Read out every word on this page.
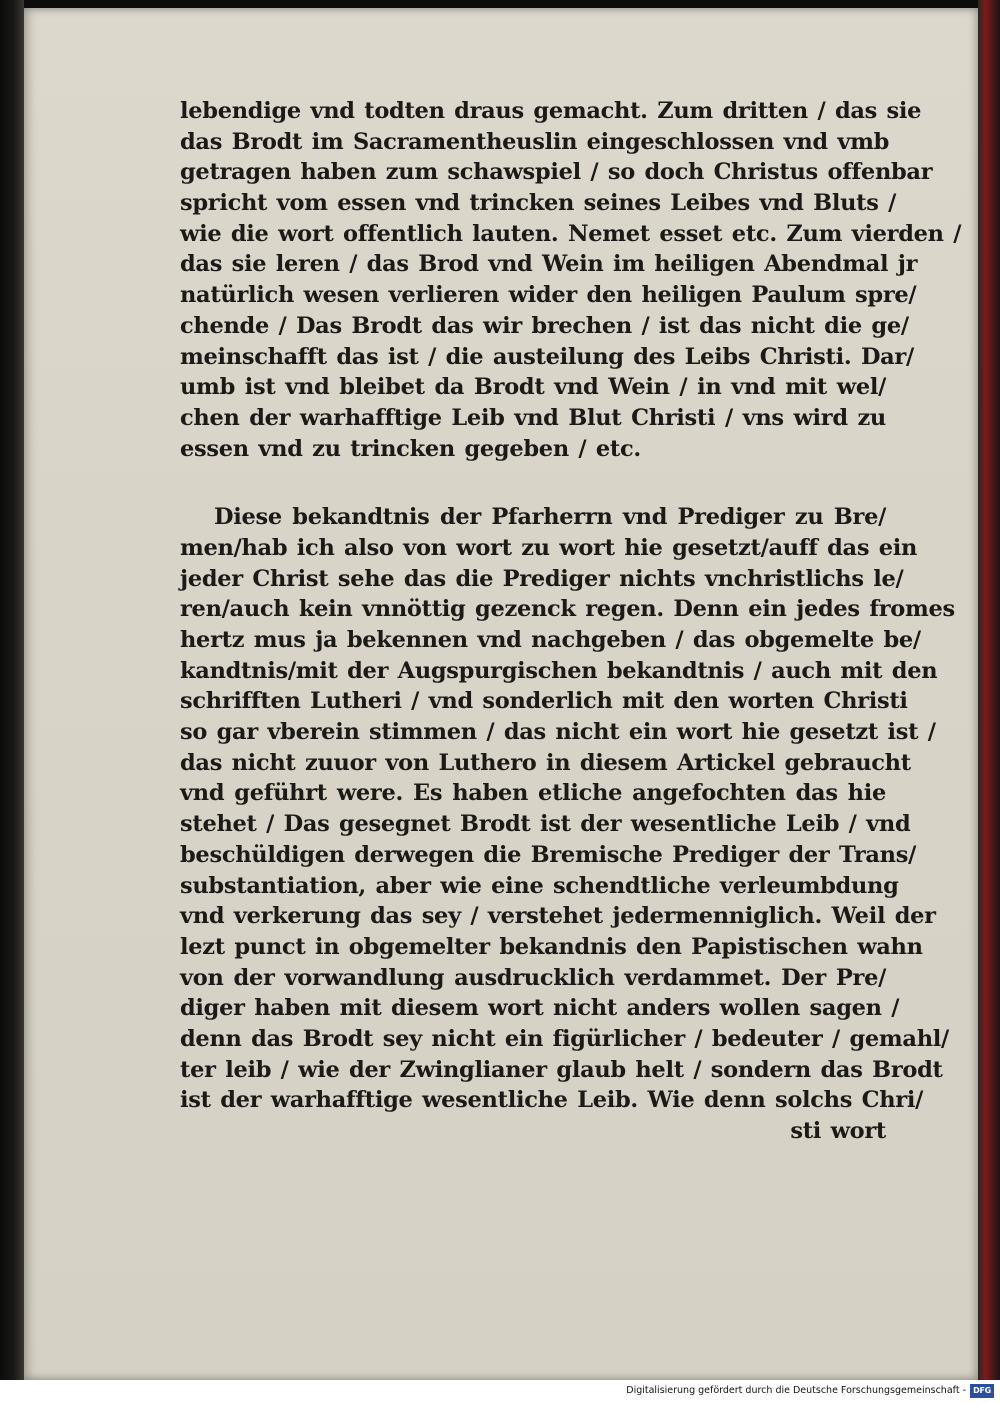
lebendige vnd todten draus gemacht. Zum dritten / das sie
das Brodt im Sacramentheuslin eingeschlossen vnd vmb
getragen haben zum schawspiel / so doch Christus offenbar
spricht vom essen vnd trincken seines Leibes vnd Bluts /
wie die wort offentlich lauten. Nemet esset etc. Zum vierden /
das sie leren / das Brod vnd Wein im heiligen Abendmal jr
natürlich wesen verlieren wider den heiligen Paulum spre/
chende / Das Brodt das wir brechen / ist das nicht die ge/
meinschafft das ist / die austeilung des Leibs Christi. Dar/
umb ist vnd bleibet da Brodt vnd Wein / in vnd mit wel/
chen der warhafftige Leib vnd Blut Christi / vns wird zu
essen vnd zu trincken gegeben / etc.
Diese bekandtnis der Pfarherrn vnd Prediger zu Bre/
men/hab ich also von wort zu wort hie gesetzt/auff das ein
jeder Christ sehe das die Prediger nichts vnchristlichs le/
ren/auch kein vnnöttig gezenck regen. Denn ein jedes fromes
hertz mus ja bekennen vnd nachgeben / das obgemelte be/
kandtnis/mit der Augspurgischen bekandtnis / auch mit den
schrifften Lutheri / vnd sonderlich mit den worten Christi
so gar vberein stimmen / das nicht ein wort hie gesetzt ist /
das nicht zuuor von Luthero in diesem Artickel gebraucht
vnd geführt were. Es haben etliche angefochten das hie
stehet / Das gesegnet Brodt ist der wesentliche Leib / vnd
beschüldigen derwegen die Bremische Prediger der Trans/
substantiation, aber wie eine schendtliche verleumbdung
vnd verkerung das sey / verstehet jedermenniglich. Weil der
lezt punct in obgemelter bekandnis den Papistischen wahn
von der vorwandlung ausdrucklich verdammet. Der Pre/
diger haben mit diesem wort nicht anders wollen sagen /
denn das Brodt sey nicht ein figürlicher / bedeuter / gemahl/
ter leib / wie der Zwinglianer glaub helt / sondern das Brodt
ist der warhafftige wesentliche Leib. Wie denn solchs Chri/
sti wort
Digitalisierung gefördert durch die Deutsche Forschungsgemeinschaft - DFG
